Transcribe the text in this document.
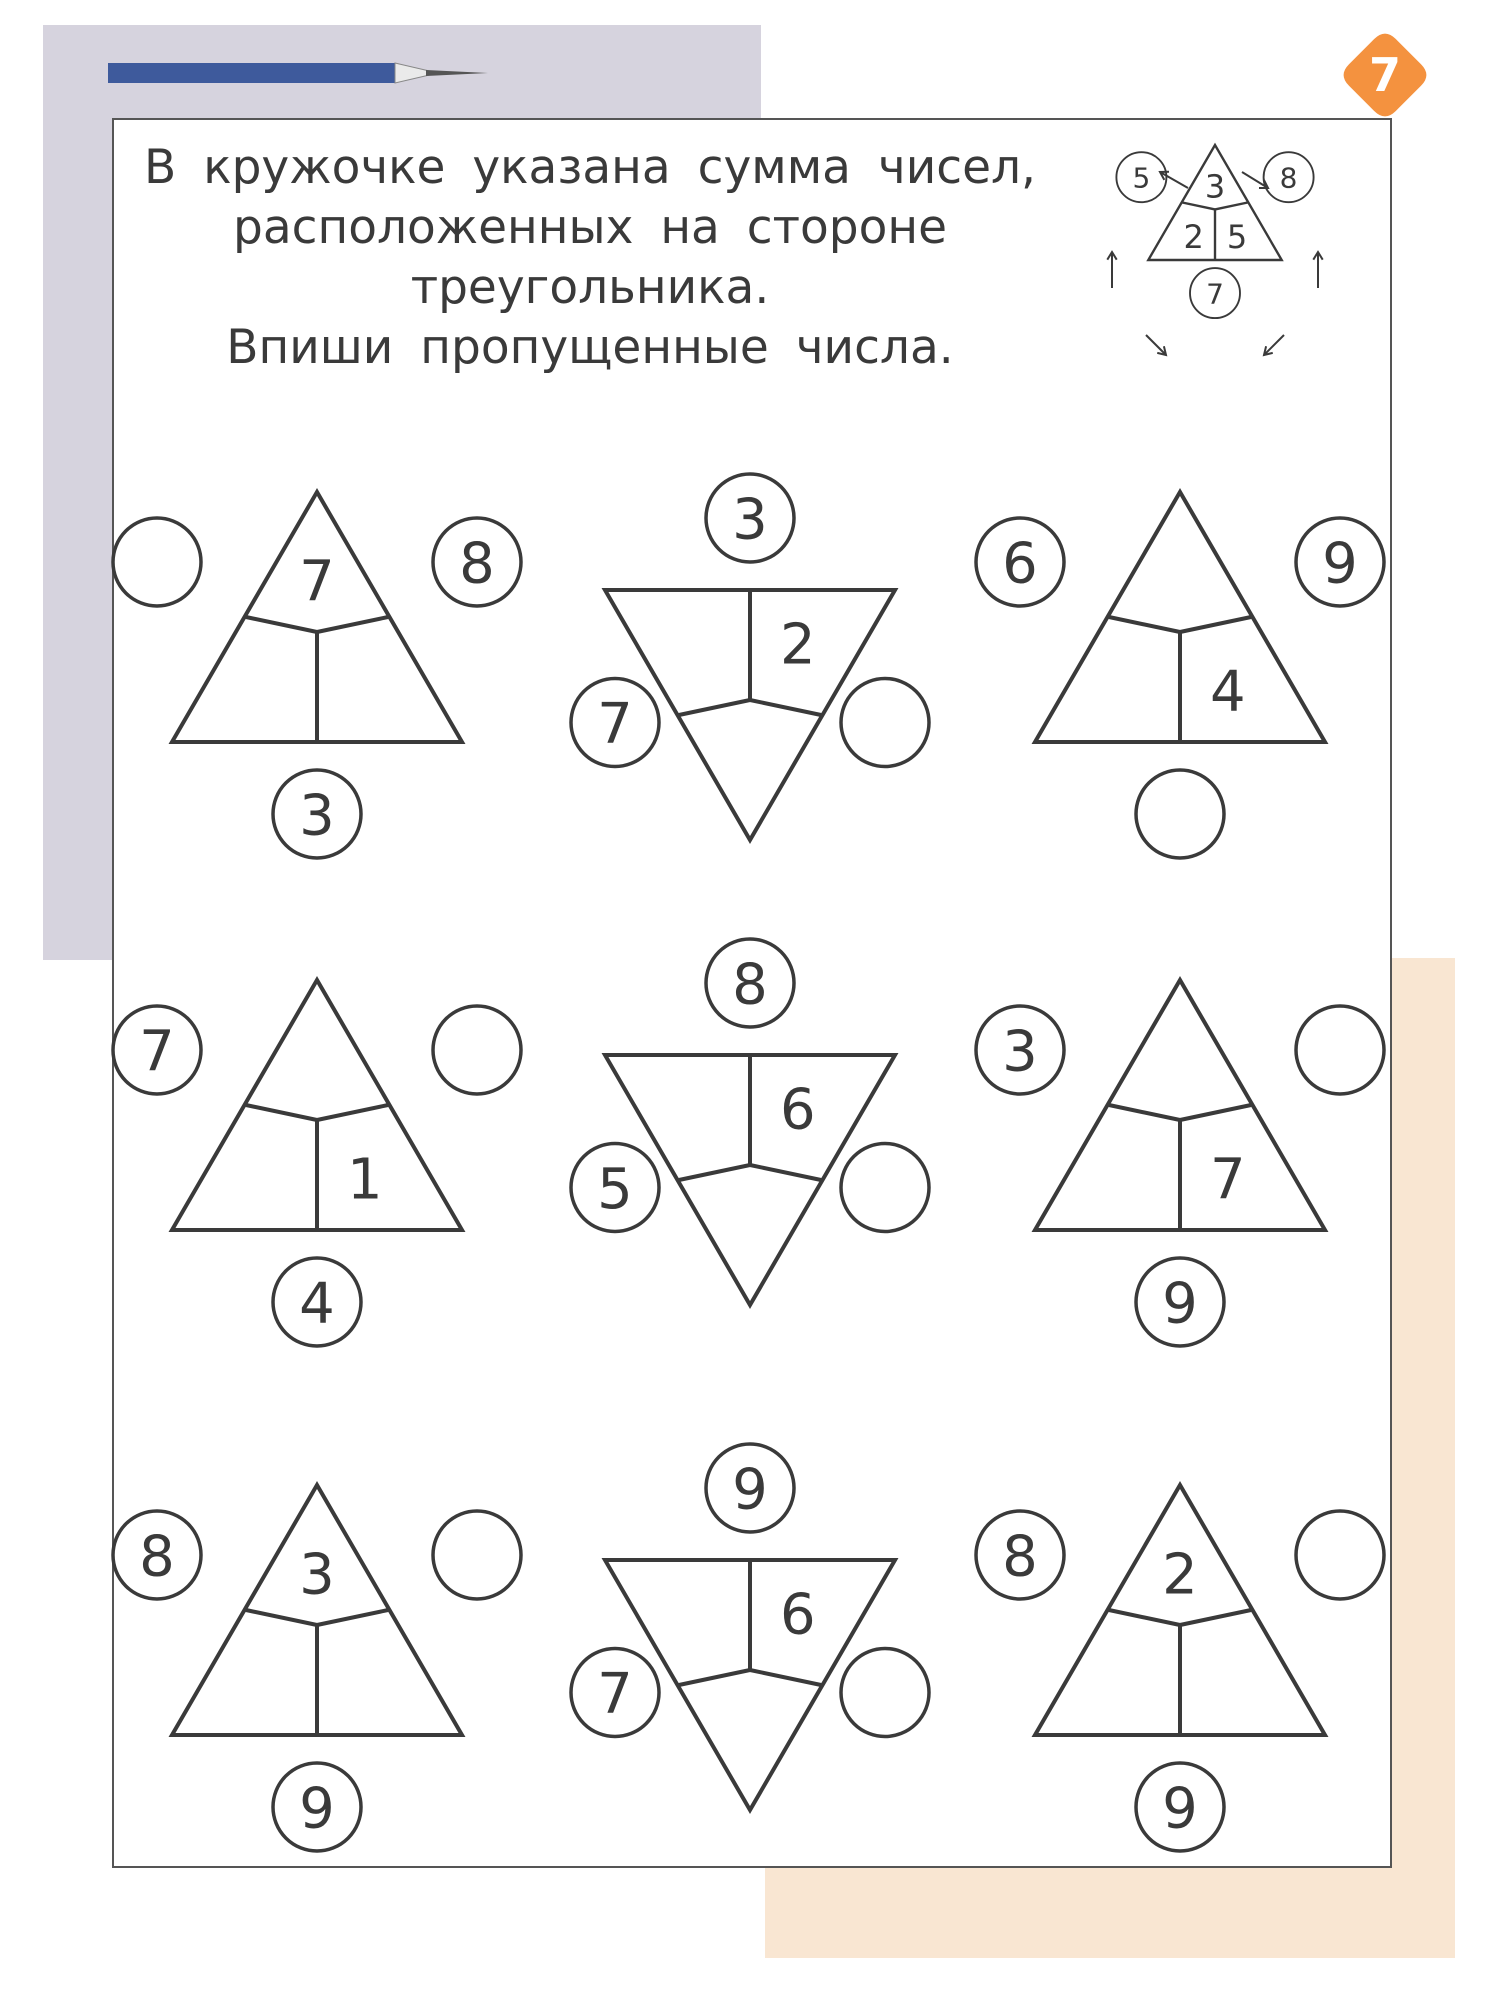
7
В кружочке указана сумма чисел,
расположенных на стороне
треугольника.
Впиши пропущенные числа.
3
2 5
5	8
7
7 8
3
2
3
7	4
6	9
1
7
4
6
8
5	7
3
9
3
8
9
6
9
7
2
8
9
